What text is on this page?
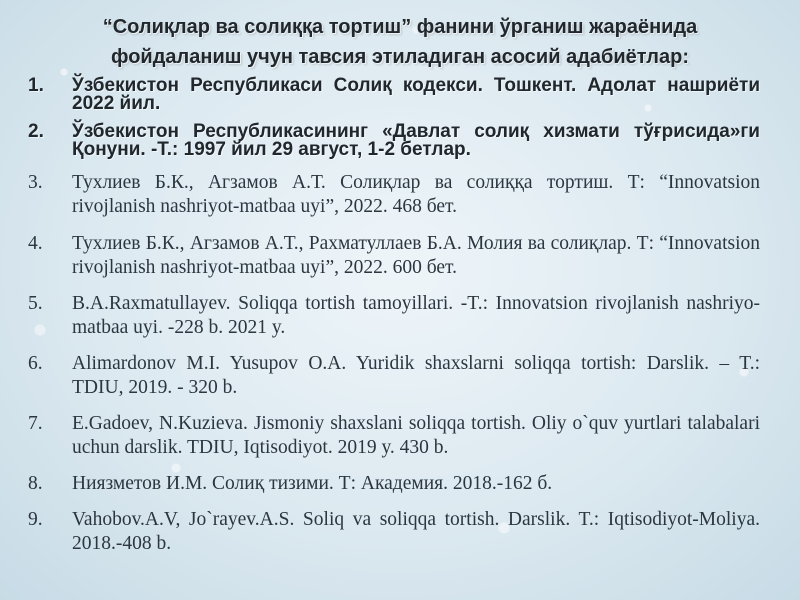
“Солиқлар ва солиққа тортиш” фанини ўрганиш жараёнида
фойдаланиш учун тавсия этиладиган асосий адабиётлар:
1.	Ўзбекистон Республикаси Солиқ кодекси. Тошкент. Адолат нашриёти 2022 йил.
2.	Ўзбекистон Республикасининг «Давлат солиқ хизмати тўғрисида»ги Қонуни. -Т.: 1997 йил 29 август, 1-2 бетлар.
3.	Тухлиев Б.К., Агзамов А.Т. Солиқлар ва солиққа тортиш. Т: “Innovatsion rivojlanish nashriyot-matbaa uyi”, 2022. 468 бет.
4.	Тухлиев Б.К., Агзамов А.Т., Рахматуллаев Б.А. Молия ва солиқлар. Т: “Innovatsion rivojlanish nashriyot-matbaa uyi”, 2022. 600 бет.
5.	B.A.Raxmatullayev. Soliqqa tortish tamoyillari. -T.: Innovatsion rivojlanish nashriyo-matbaa uyi. -228 b. 2021 y.
6.	Alimardonov M.I. Yusupov O.A. Yuridik shaxslarni soliqqa tortish: Darslik. – T.: TDIU, 2019. - 320 b.
7.	E.Gadoev, N.Kuzieva. Jismoniy shaxslani soliqqa tortish. Oliy o`quv yurtlari talabalari uchun darslik. TDIU, Iqtisodiyot. 2019 y. 430 b.
8.	Ниязметов И.М. Солиқ тизими. Т: Академия. 2018.-162 б.
9.	Vahobov.A.V, Jo`rayev.A.S. Soliq va soliqqa tortish. Darslik. T.: Iqtisodiyot-Moliya. 2018.-408 b.
